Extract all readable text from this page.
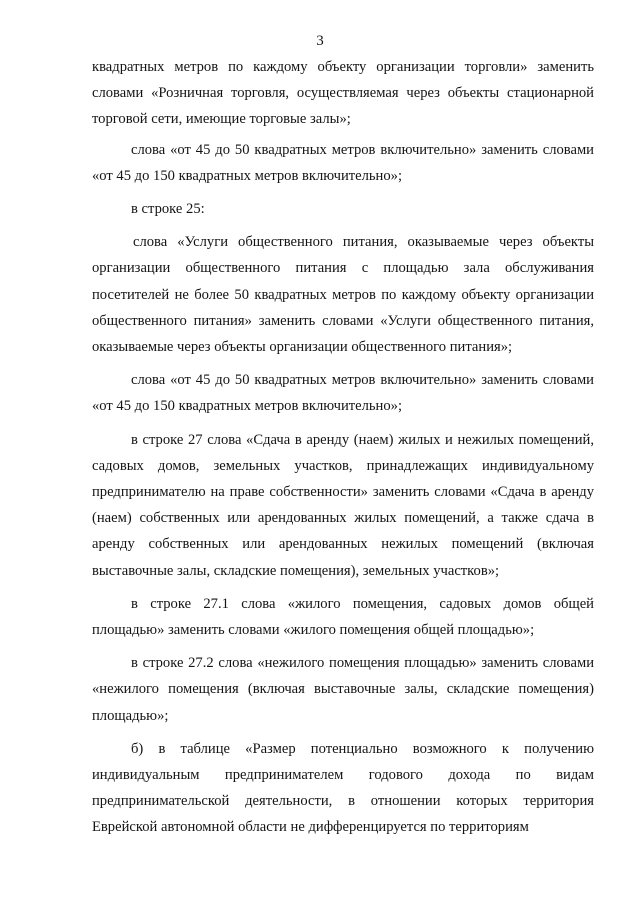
3

квадратных метров по каждому объекту организации торговли» заменить словами «Розничная торговля, осуществляемая через объекты стационарной торговой сети, имеющие торговые залы»;

слова «от 45 до 50 квадратных метров включительно» заменить словами «от 45 до 150 квадратных метров включительно»;

в строке 25:

слова «Услуги общественного питания, оказываемые через объекты организации общественного питания с площадью зала обслуживания посетителей не более 50 квадратных метров по каждому объекту организации общественного питания» заменить словами «Услуги общественного питания, оказываемые через объекты организации общественного питания»;

слова «от 45 до 50 квадратных метров включительно» заменить словами «от 45 до 150 квадратных метров включительно»;

в строке 27 слова «Сдача в аренду (наем) жилых и нежилых помещений, садовых домов, земельных участков, принадлежащих индивидуальному предпринимателю на праве собственности» заменить словами «Сдача в аренду (наем) собственных или арендованных жилых помещений, а также сдача в аренду собственных или арендованных нежилых помещений (включая выставочные залы, складские помещения), земельных участков»;

в строке 27.1 слова «жилого помещения, садовых домов общей площадью» заменить словами «жилого помещения общей площадью»;

в строке 27.2 слова «нежилого помещения площадью» заменить словами «нежилого помещения (включая выставочные залы, складские помещения) площадью»;

б) в таблице «Размер потенциально возможного к получению индивидуальным предпринимателем годового дохода по видам предпринимательской деятельности, в отношении которых территория Еврейской автономной области не дифференцируется по территориям
